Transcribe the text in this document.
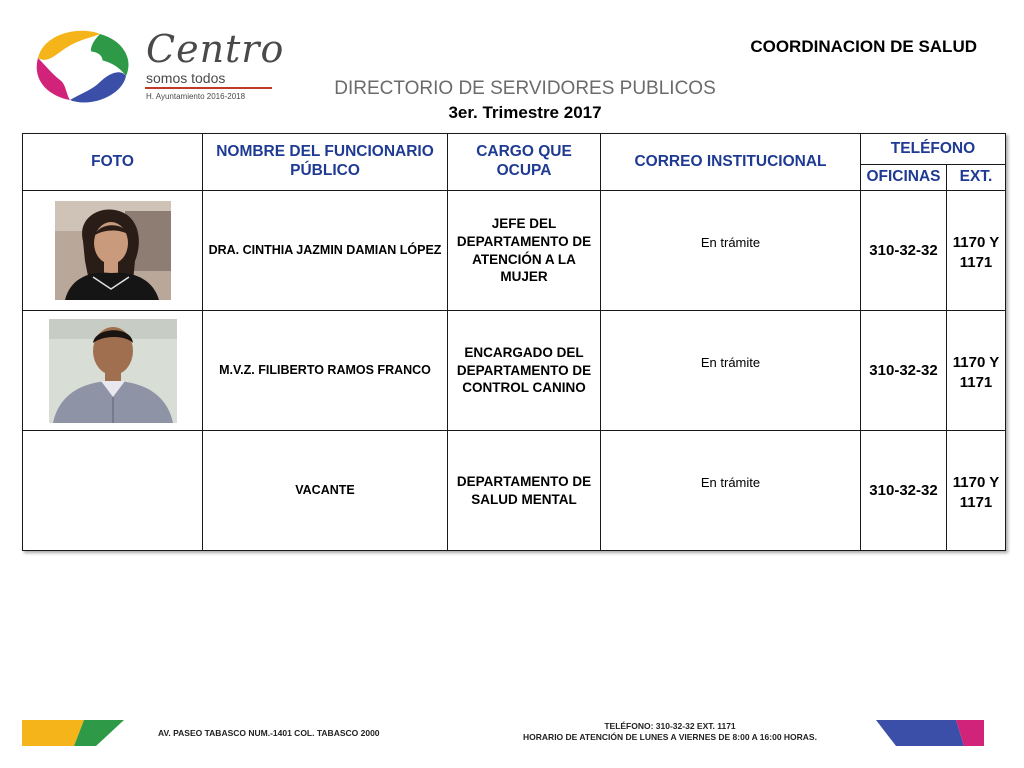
Centro
somos todos
H. Ayuntamiento 2016-2018
COORDINACION DE SALUD
DIRECTORIO DE SERVIDORES PUBLICOS
3er. Trimestre 2017
FOTO	NOMBRE DEL FUNCIONARIO PÚBLICO	CARGO QUE OCUPA	CORREO INSTITUCIONAL	TELÉFONO	
				OFICINAS	EXT.

	DRA. CINTHIA JAZMIN DAMIAN LÓPEZ	JEFE DEL DEPARTAMENTO DE ATENCIÓN A LA MUJER	En trámite	310-32-32	1170 Y 1171

	M.V.Z. FILIBERTO RAMOS FRANCO	ENCARGADO DEL DEPARTAMENTO DE CONTROL CANINO	En trámite	310-32-32	1170 Y 1171
	VACANTE	DEPARTAMENTO DE SALUD MENTAL	En trámite	310-32-32	1170 Y 1171
AV. PASEO TABASCO NUM.-1401 COL. TABASCO 2000
TELÉFONO: 310-32-32 EXT. 1171
HORARIO DE ATENCIÓN DE LUNES A VIERNES DE 8:00 A 16:00 HORAS.
